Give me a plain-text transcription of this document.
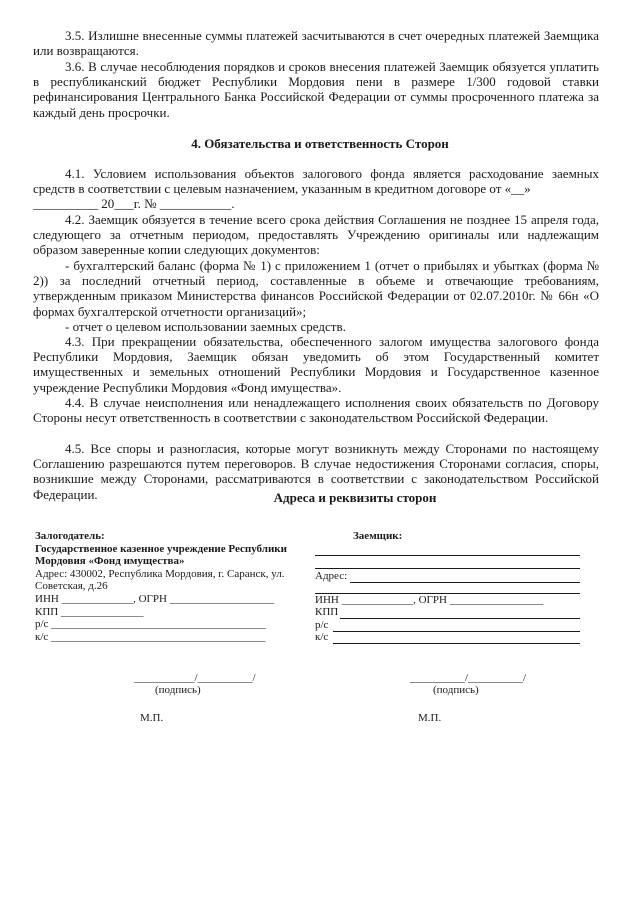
3.5. Излишне внесенные суммы платежей засчитываются в счет очередных платежей Заемщика или возвращаются.

3.6. В случае несоблюдения порядков и сроков внесения платежей Заемщик обязуется уплатить в республиканский бюджет Республики Мордовия пени в размере 1/300 годовой ставки рефинансирования Центрального Банка Российской Федерации от суммы просроченного платежа за каждый день просрочки.

4. Обязательства и ответственность Сторон

4.1. Условием использования объектов залогового фонда является расходование заемных средств в соответствии с целевым назначением, указанным в кредитном договоре от «__»

__________ 20___г. № ___________.

4.2. Заемщик обязуется в течение всего срока действия Соглашения не позднее 15 апреля года, следующего за отчетным периодом, предоставлять Учреждению оригиналы или надлежащим образом заверенные копии следующих документов:

- бухгалтерский баланс (форма № 1) с приложением 1 (отчет о прибылях и убытках (форма № 2)) за последний отчетный период, составленные в объеме и отвечающие требованиям, утвержденным приказом Министерства финансов Российской Федерации от 02.07.2010г. № 66н «О формах бухгалтерской отчетности организаций»;

- отчет о целевом использовании заемных средств.

4.3. При прекращении обязательства, обеспеченного залогом имущества залогового фонда Республики Мордовия, Заемщик обязан уведомить об этом Государственный комитет имущественных и земельных отношений Республики Мордовия и Государственное казенное учреждение Республики Мордовия «Фонд имущества».

4.4. В случае неисполнения или ненадлежащего исполнения своих обязательств по Договору Стороны несут ответственность в соответствии с законодательством Российской Федерации.

4.5. Все споры и разногласия, которые могут возникнуть между Сторонами по настоящему Соглашению разрешаются путем переговоров. В случае недостижения Сторонами согласия, споры, возникшие между Сторонами, рассматриваются в соответствии с законодательством Российской Федерации.	Адреса и реквизиты сторон
Залогодатель:
Государственное казенное учреждение Республики
Мордовия «Фонд имущества»
Адрес: 430002, Республика Мордовия, г. Саранск, ул.
Советская, д.26
ИНН _____________, ОГРН ___________________
КПП _______________
р/с _______________________________________
к/с _______________________________________
Заемщик:
Адрес:
ИНН _____________, ОГРН _________________
КПП
р/с
к/с
___________/__________/
(подпись)
М.П.
__________/__________/
(подпись)
М.П.
